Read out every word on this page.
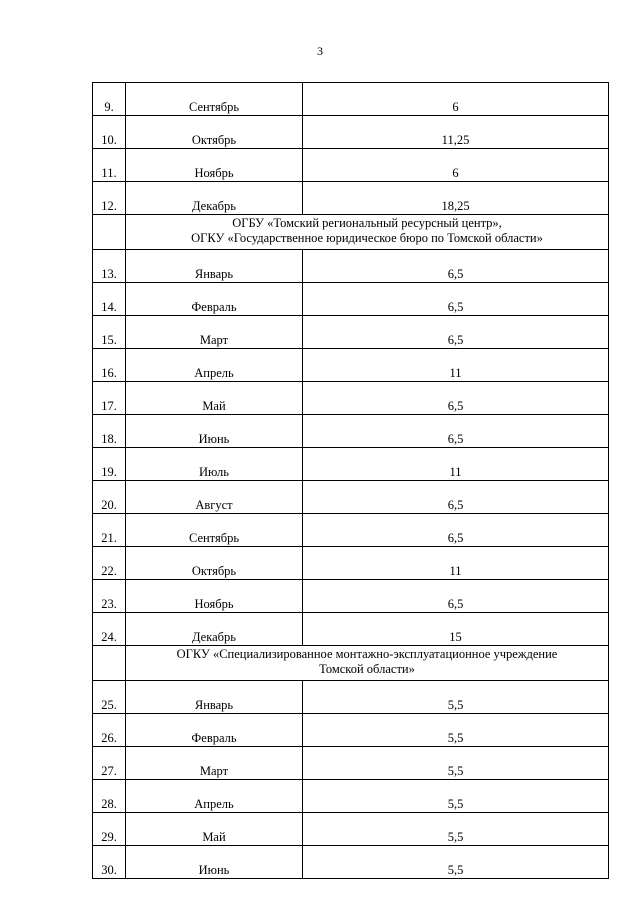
3
9.	Сентябрь	6
10.	Октябрь	11,25
11.	Ноябрь	6
12.	Декабрь	18,25

	ОГБУ «Томский региональный ресурсный центр»,
ОГКУ «Государственное юридическое бюро по Томской области»	

13.	Январь	6,5
14.	Февраль	6,5
15.	Март	6,5
16.	Апрель	11
17.	Май	6,5
18.	Июнь	6,5
19.	Июль	11
20.	Август	6,5
21.	Сентябрь	6,5
22.	Октябрь	11
23.	Ноябрь	6,5
24.	Декабрь	15

	ОГКУ «Специализированное монтажно-эксплуатационное учреждение
Томской области»	

25.	Январь	5,5
26.	Февраль	5,5
27.	Март	5,5
28.	Апрель	5,5
29.	Май	5,5
30.	Июнь	5,5
